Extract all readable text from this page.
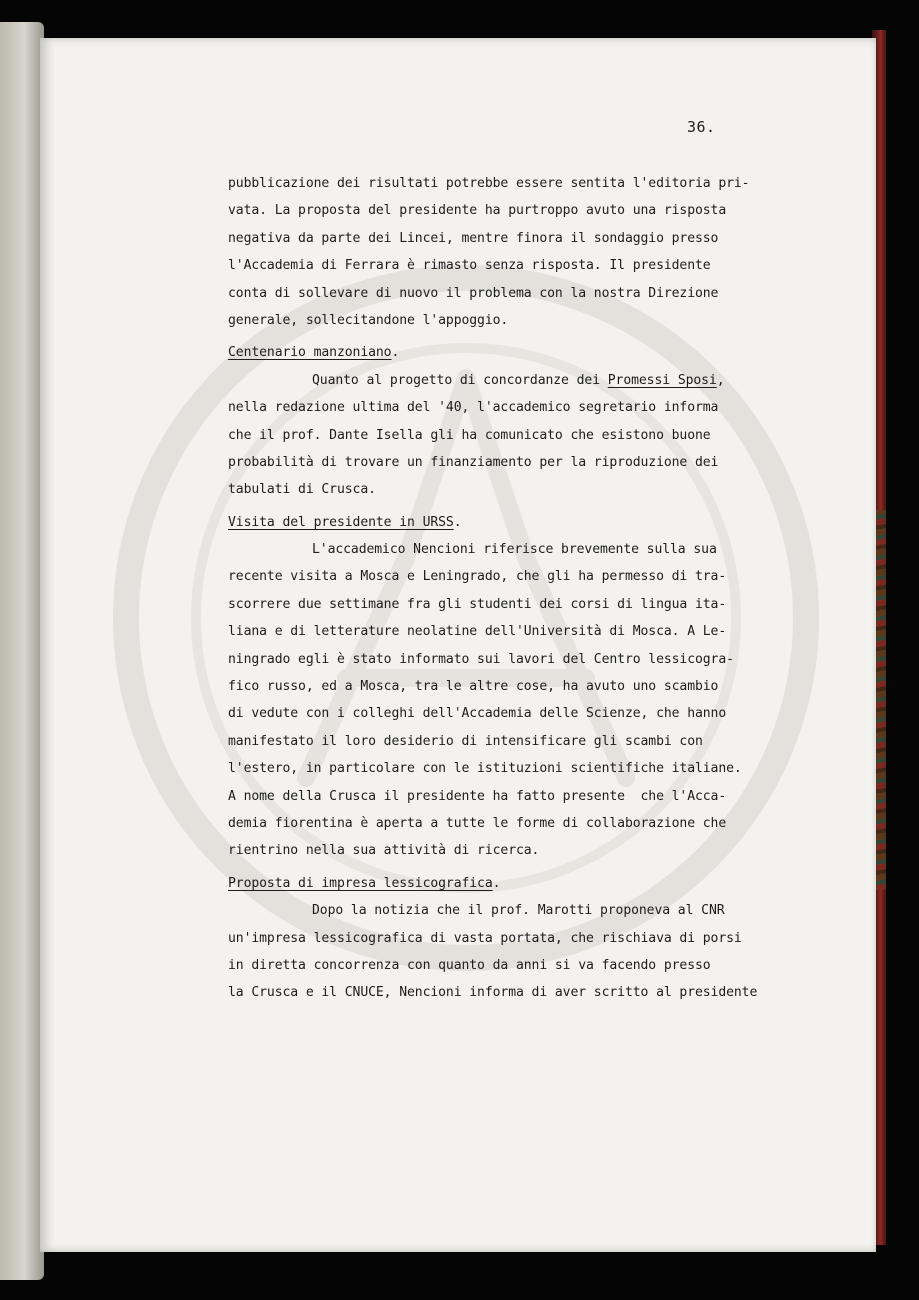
36.

pubblicazione dei risultati potrebbe essere sentita l'editoria pri-

vata. La proposta del presidente ha purtroppo avuto una risposta

negativa da parte dei Lincei, mentre finora il sondaggio presso

l'Accademia di Ferrara è rimasto senza risposta. Il presidente

conta di sollevare di nuovo il problema con la nostra Direzione

generale, sollecitandone l'appoggio.

Centenario manzoniano.

Quanto al progetto di concordanze dei Promessi Sposi,

nella redazione ultima del '40, l'accademico segretario informa

che il prof. Dante Isella gli ha comunicato che esistono buone

probabilità di trovare un finanziamento per la riproduzione dei

tabulati di Crusca.

Visita del presidente in URSS.

L'accademico Nencioni riferisce brevemente sulla sua

recente visita a Mosca e Leningrado, che gli ha permesso di tra-

scorrere due settimane fra gli studenti dei corsi di lingua ita-

liana e di letterature neolatine dell'Università di Mosca. A Le-

ningrado egli è stato informato sui lavori del Centro lessicogra-

fico russo, ed a Mosca, tra le altre cose, ha avuto uno scambio

di vedute con i colleghi dell'Accademia delle Scienze, che hanno

manifestato il loro desiderio di intensificare gli scambi con

l'estero, in particolare con le istituzioni scientifiche italiane.

A nome della Crusca il presidente ha fatto presente  che l'Acca-

demia fiorentina è aperta a tutte le forme di collaborazione che

rientrino nella sua attività di ricerca.

Proposta di impresa lessicografica.

Dopo la notizia che il prof. Marotti proponeva al CNR

un'impresa lessicografica di vasta portata, che rischiava di porsi

in diretta concorrenza con quanto da anni si va facendo presso

la Crusca e il CNUCE, Nencioni informa di aver scritto al presidente
